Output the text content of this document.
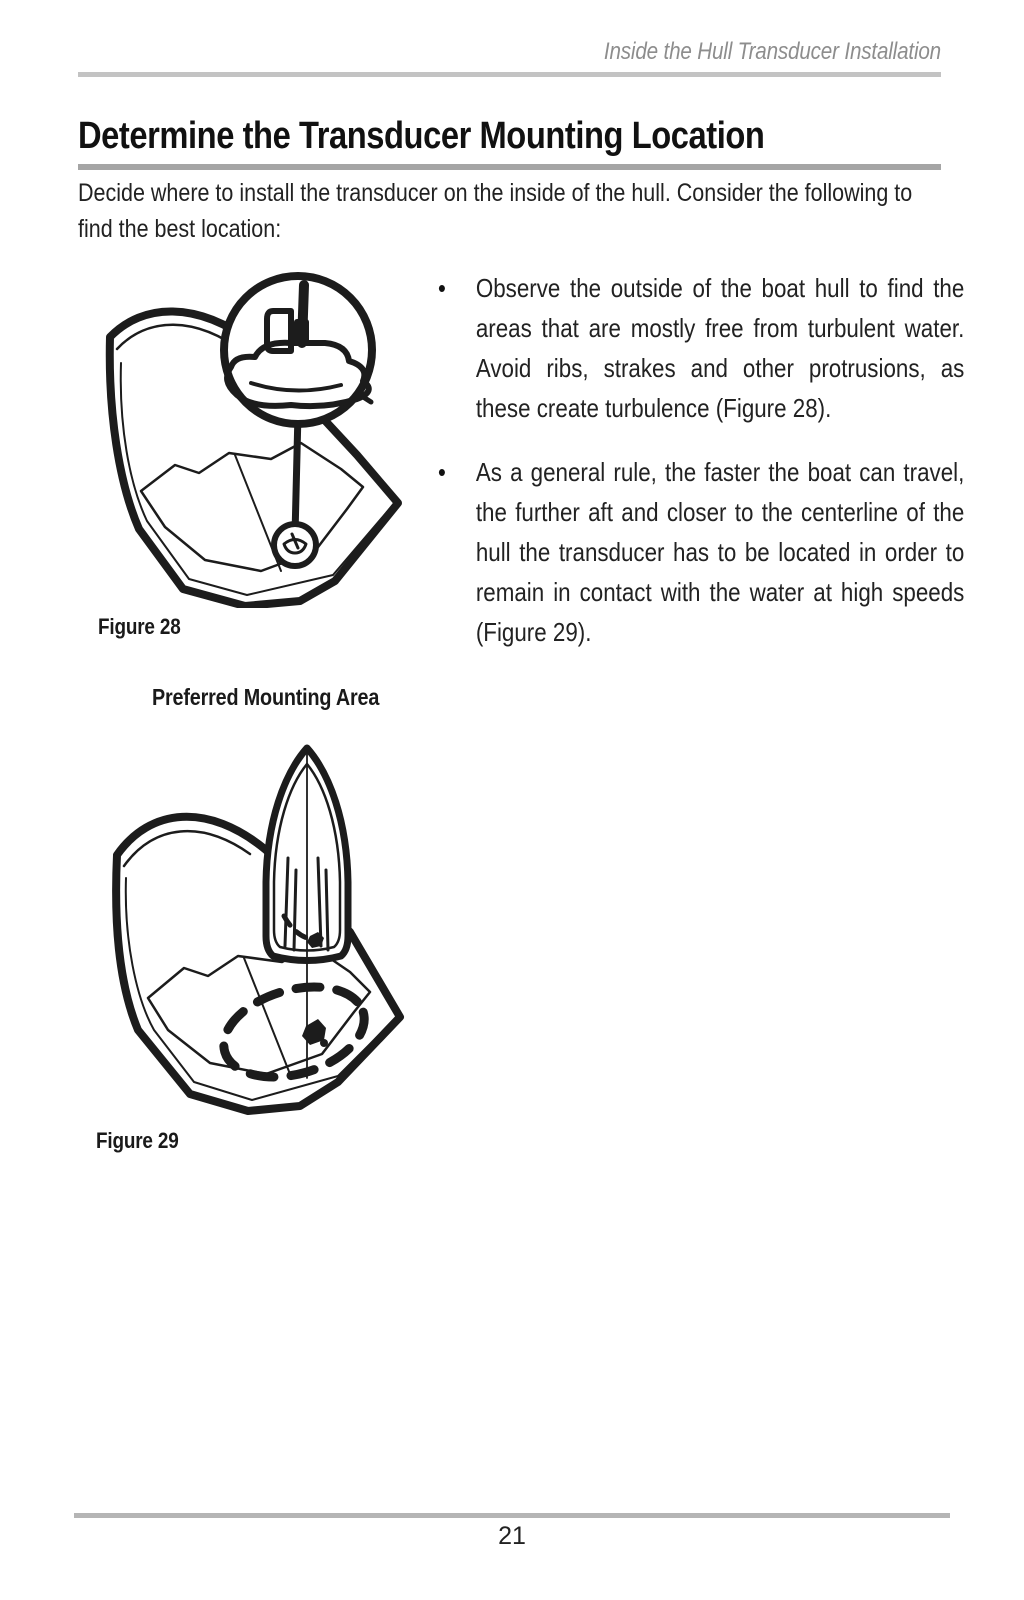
Inside the Hull Transducer Installation
Determine the Transducer Mounting Location
Decide where to install the transducer on the inside of the hull. Consider the following to find the best location:
Figure 28
•	Observe the outside of the boat hull to find the areas that are mostly free from turbulent water. Avoid ribs, strakes and other protrusions, as these create turbulence (Figure 28).
•	As a general rule, the faster the boat can travel, the further aft and closer to the centerline of the hull the transducer has to be located in order to remain in contact with the water at high speeds (Figure 29).
Preferred Mounting Area
Figure 29
21
